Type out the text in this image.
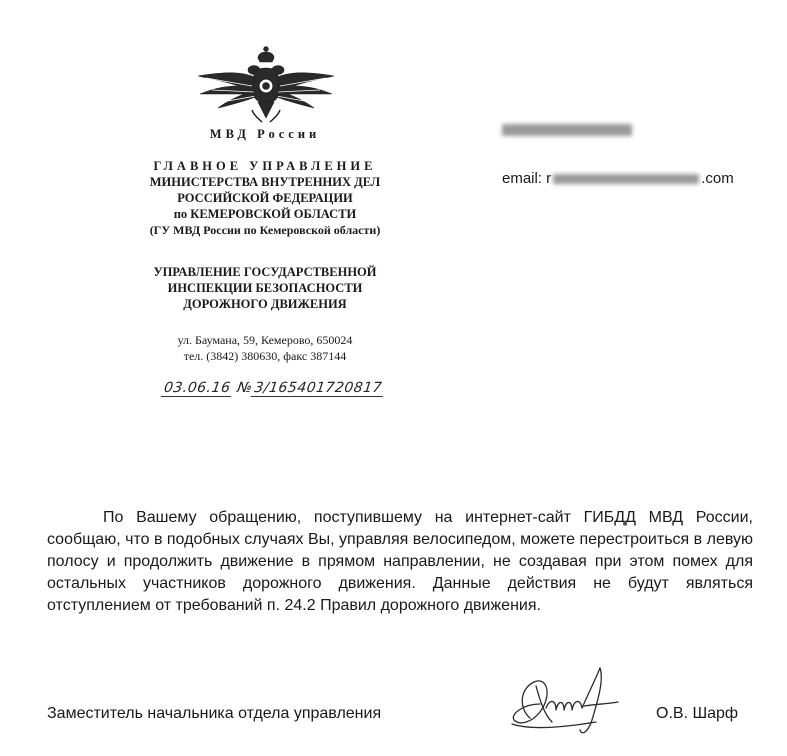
МВД России
ГЛАВНОЕ УПРАВЛЕНИЕ
МИНИСТЕРСТВА ВНУТРЕННИХ ДЕЛ
РОССИЙСКОЙ ФЕДЕРАЦИИ
по КЕМЕРОВСКОЙ ОБЛАСТИ
(ГУ МВД России по Кемеровской области)
УПРАВЛЕНИЕ ГОСУДАРСТВЕННОЙ
ИНСПЕКЦИИ БЕЗОПАСНОСТИ
ДОРОЖНОГО ДВИЖЕНИЯ
ул. Баумана, 59, Кемерово, 650024
тел. (3842) 380630, факс 387144
03.06.16 №3/165401720817
email: r	.com
По Вашему обращению, поступившему на интернет-сайт ГИБДД МВД России, сообщаю, что в подобных случаях Вы, управляя велосипедом, можете перестроиться в левую полосу и продолжить движение в прямом направлении, не создавая при этом помех для остальных участников дорожного движения. Данные действия не будут являться отступлением от требований п. 24.2 Правил дорожного движения.
Заместитель начальника отдела управления	О.В. Шарф
